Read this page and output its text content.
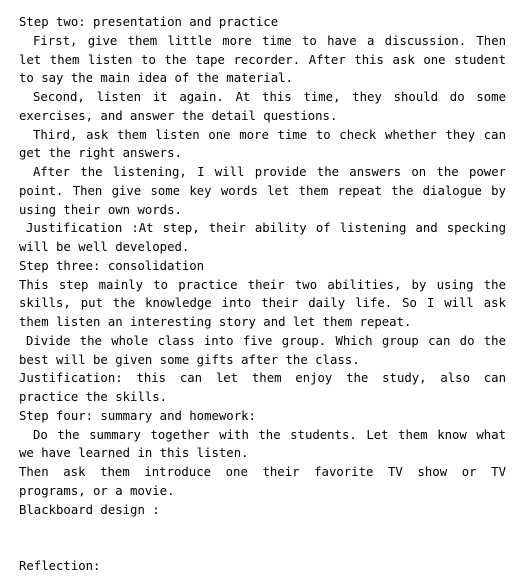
Step two: presentation and practice
First, give them little more time to have a discussion. Then let them listen to the tape recorder. After this ask one student to say the main idea of the material.
Second, listen it again. At this time, they should do some exercises, and answer the detail questions.
Third, ask them listen one more time to check whether they can get the right answers.
After the listening, I will provide the answers on the power point. Then give some key words let them repeat the dialogue by using their own words.
Justification :At step, their ability of listening and specking will be well developed.
Step three: consolidation
This step mainly to practice their two abilities, by using the skills, put the knowledge into their daily life. So I will ask them listen an interesting story and let them repeat.
Divide the whole class into five group. Which group can do the best will be given some gifts after the class.
Justification: this can let them enjoy the study, also can practice the skills.
Step four: summary and homework:
Do the summary together with the students. Let them know what we have learned in this listen.
Then ask them introduce one their favorite TV show or TV programs, or a movie.
Blackboard design :
Reflection:
